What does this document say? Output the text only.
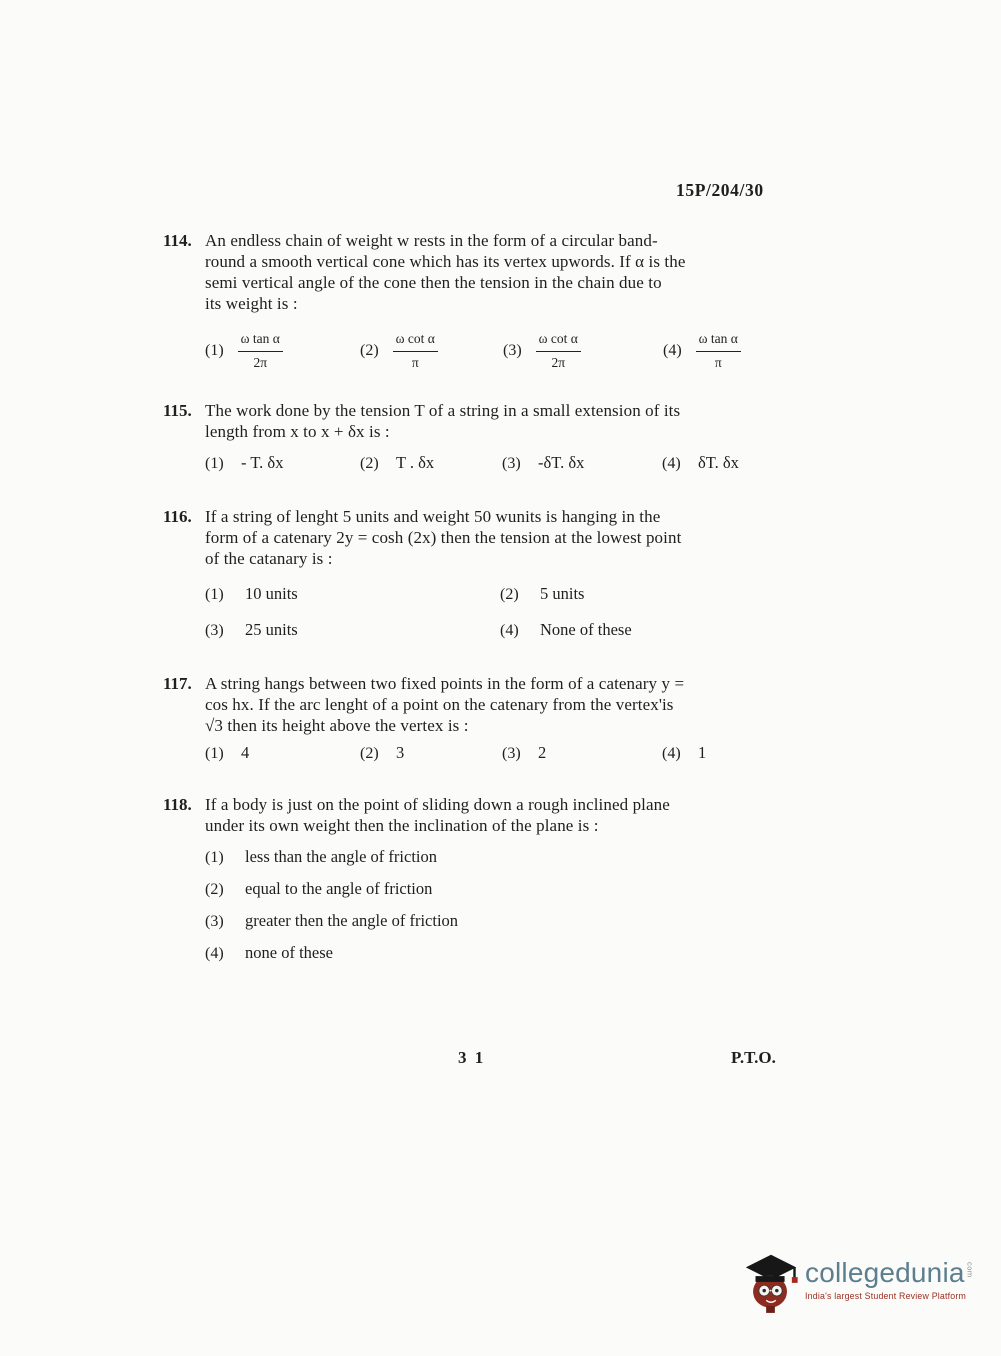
15P/204/30
114. An endless chain of weight w rests in the form of a circular band-
round a smooth vertical cone which has its vertex upwords. If α is the
semi vertical angle of the cone then the tension in the chain due to
its weight is :
$(1) \frac{\text{ω tan α}}{2\pi}$	$(2) \frac{\text{ω cot α}}{\pi}$	$(3) \frac{\text{ω cot α}}{2\pi}$	$(4) \frac{\text{ω tan α}}{\pi}$
115. The work done by the tension T of a string in a small extension of its
length from x to x + δx is :
(1) - T. δx	(2) T . δx	(3) -δT. δx	(4) δT. δx
116. If a string of lenght 5 units and weight 50 wunits is hanging in the
form of a catenary 2y = cosh (2x) then the tension at the lowest point
of the catanary is :
(1) 10 units	(2) 5 units
(3) 25 units	(4) None of these
117. A string hangs between two fixed points in the form of a catenary y =
cos hx. If the arc lenght of a point on the catenary from the vertex'is
√3 then its height above the vertex is :
(1) 4	(2) 3	(3) 2	(4) 1
118. If a body is just on the point of sliding down a rough inclined plane
under its own weight then the inclination of the plane is :
(1) less than the angle of friction
(2) equal to the angle of friction
(3) greater then the angle of friction
(4) none of these
3 1	P.T.O.
collegedunia com
India's largest Student Review Platform
